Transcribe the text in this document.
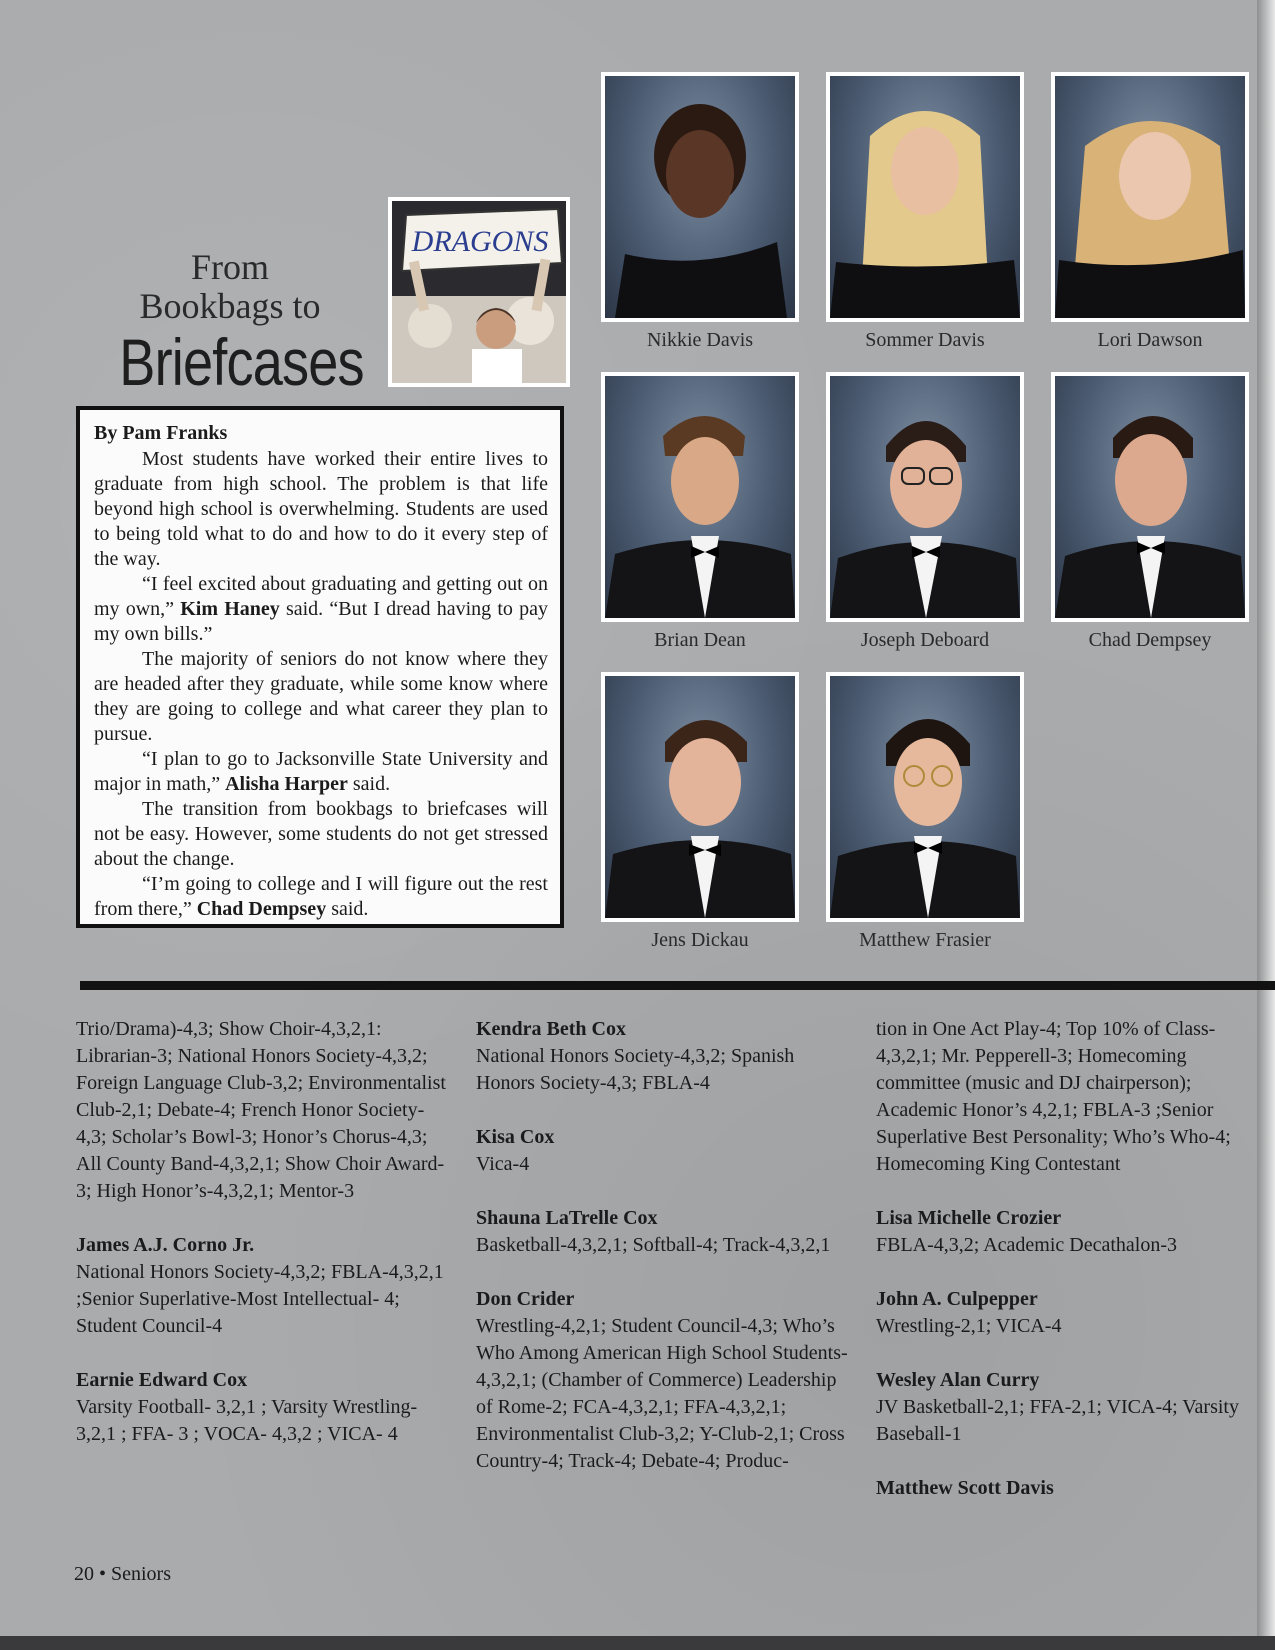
From
Bookbags to
Briefcases
DRAGONS
By Pam Franks

Most students have worked their entire lives to graduate from high school. The problem is that life beyond high school is overwhelming. Students are used to being told what to do and how to do it every step of the way.

“I feel excited about graduating and getting out on my own,” Kim Haney said. “But I dread having to pay my own bills.”

The majority of seniors do not know where they are headed after they graduate, while some know where they are going to college and what career they plan to pursue.

“I plan to go to Jacksonville State University and major in math,” Alisha Harper said.

The transition from bookbags to briefcases will not be easy. However, some students do not get stressed about the change.

“I’m going to college and I will figure out the rest from there,” Chad Dempsey said.

Nikkie Davis	Sommer Davis	Lori Dawson
Brian Dean	Joseph Deboard	Chad Dempsey
Jens Dickau	Matthew Frasier
Trio/Drama)-4,3; Show Choir-4,3,2,1: Librarian-3; National Honors Society-4,3,2; Foreign Language Club-3,2; Environmentalist Club-2,1; Debate-4; French Honor Society-4,3; Scholar’s Bowl-3; Honor’s Chorus-4,3; All County Band-4,3,2,1; Show Choir Award-3; High Honor’s-4,3,2,1; Mentor-3
James A.J. Corno Jr.
National Honors Society-4,3,2; FBLA-4,3,2,1 ;Senior Superlative-Most Intellectual- 4; Student Council-4
Earnie Edward Cox
Varsity Football- 3,2,1 ; Varsity Wrestling- 3,2,1 ; FFA- 3 ; VOCA- 4,3,2 ; VICA- 4
Kendra Beth Cox
National Honors Society-4,3,2; Spanish Honors Society-4,3; FBLA-4
Kisa Cox
Vica-4
Shauna LaTrelle Cox
Basketball-4,3,2,1; Softball-4; Track-4,3,2,1
Don Crider
Wrestling-4,2,1; Student Council-4,3; Who’s Who Among American High School Students-4,3,2,1; (Chamber of Commerce) Leadership of Rome-2; FCA-4,3,2,1; FFA-4,3,2,1; Environmentalist Club-3,2; Y-Club-2,1; Cross Country-4; Track-4; Debate-4; Produc-
tion in One Act Play-4; Top 10% of Class-4,3,2,1; Mr. Pepperell-3; Homecoming committee (music and DJ chairperson); Academic Honor’s 4,2,1; FBLA-3 ;Senior Superlative Best Personality; Who’s Who-4; Homecoming King Contestant
Lisa Michelle Crozier
FBLA-4,3,2; Academic Decathalon-3
John A. Culpepper
Wrestling-2,1; VICA-4
Wesley Alan Curry
JV Basketball-2,1; FFA-2,1; VICA-4; Varsity Baseball-1
Matthew Scott Davis
20 • Seniors
